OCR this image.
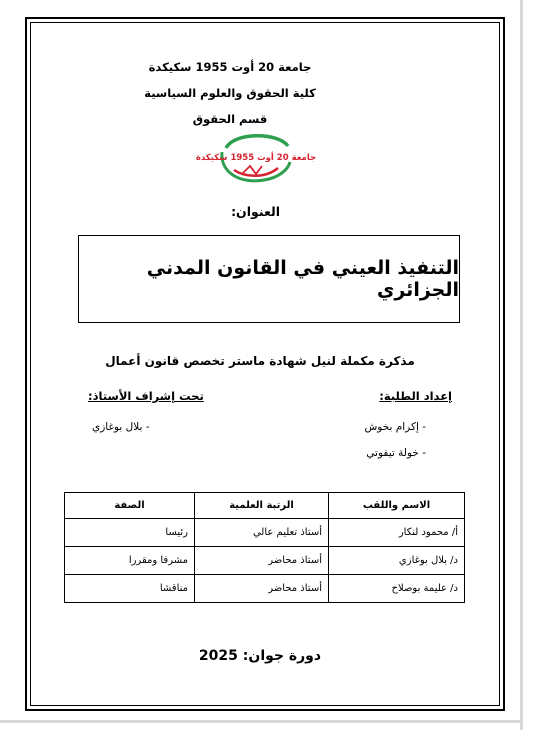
جامعة 20 أوت 1955 سكيكدة
كلية الحقوق والعلوم السياسية
قسم الحقوق
جامعة 20 أوت 1955 سكيكدة
العنوان:
التنفيذ العيني في القانون المدني الجزائري
مذكرة مكملة لنيل شهادة ماستر تخصص قانون أعمال
إعداد الطلبة:
- إكرام بخوش
- خولة تيفوتي
تحت إشراف الأستاذ:
- بلال بوغازي
الاسم واللقب	الرتبة العلمية	الصفة
أ/ محمود لنكار	أستاذ تعليم عالي	رئيسا
د/ بلال بوغازي	أستاذ محاضر	مشرفا ومقررا
د/ عليمة بوصلاح	أستاذ محاضر	مناقشا
دورة جوان: 2025
